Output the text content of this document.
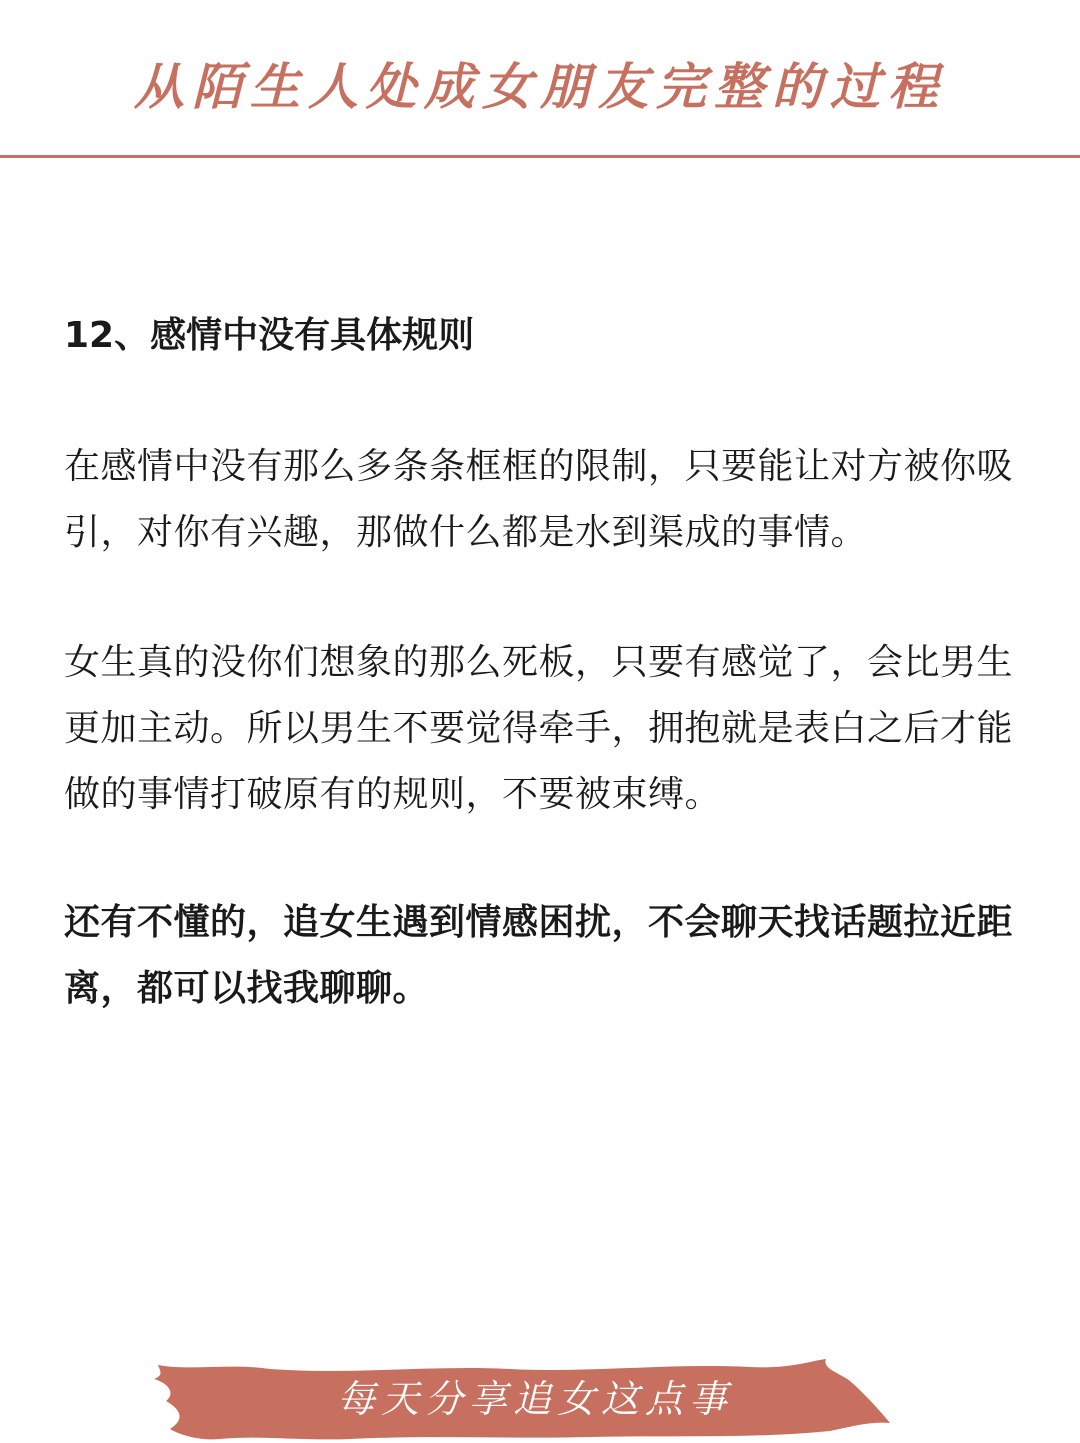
从陌生人处成女朋友完整的过程

12、感情中没有具体规则

在感情中没有那么多条条框框的限制，只要能让对方被你吸引，对你有兴趣，那做什么都是水到渠成的事情。

女生真的没你们想象的那么死板，只要有感觉了，会比男生更加主动。所以男生不要觉得牵手，拥抱就是表白之后才能做的事情打破原有的规则，不要被束缚。

还有不懂的，追女生遇到情感困扰，不会聊天找话题拉近距离，都可以找我聊聊。

每天分享追女这点事
